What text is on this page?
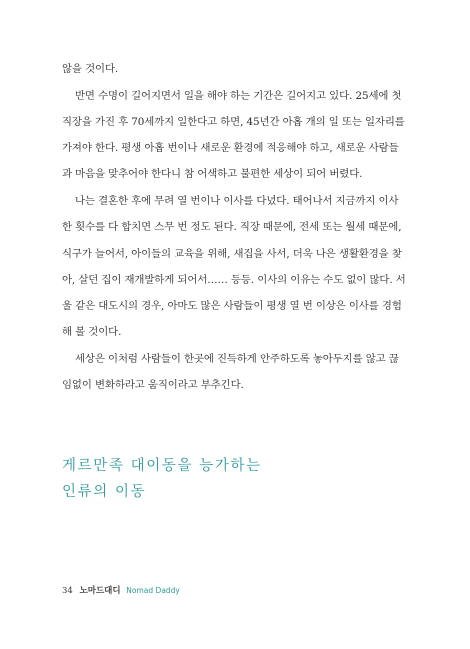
않을 것이다.
반면 수명이 길어지면서 일을 해야 하는 기간은 길어지고 있다. 25세에 첫
직장을 가진 후 70세까지 일한다고 하면, 45년간 아홉 개의 일 또는 일자리를
가져야 한다. 평생 아홉 번이나 새로운 환경에 적응해야 하고, 새로운 사람들
과 마음을 맞추어야 한다니 참 어색하고 불편한 세상이 되어 버렸다.
나는 결혼한 후에 무려 열 번이나 이사를 다녔다. 태어나서 지금까지 이사
한 횟수를 다 합치면 스무 번 정도 된다. 직장 때문에, 전세 또는 월세 때문에,
식구가 늘어서, 아이들의 교육을 위해, 새집을 사서, 더욱 나은 생활환경을 찾
아, 살던 집이 재개발하게 되어서…… 등등. 이사의 이유는 수도 없이 많다. 서
울 같은 대도시의 경우, 아마도 많은 사람들이 평생 열 번 이상은 이사를 경험
해 볼 것이다.
세상은 이처럼 사람들이 한곳에 진득하게 안주하도록 놓아두지를 않고 끊
임없이 변화하라고 움직이라고 부추긴다.
게르만족 대이동을 능가하는
인류의 이동
34 노마드대디 Nomad Daddy
